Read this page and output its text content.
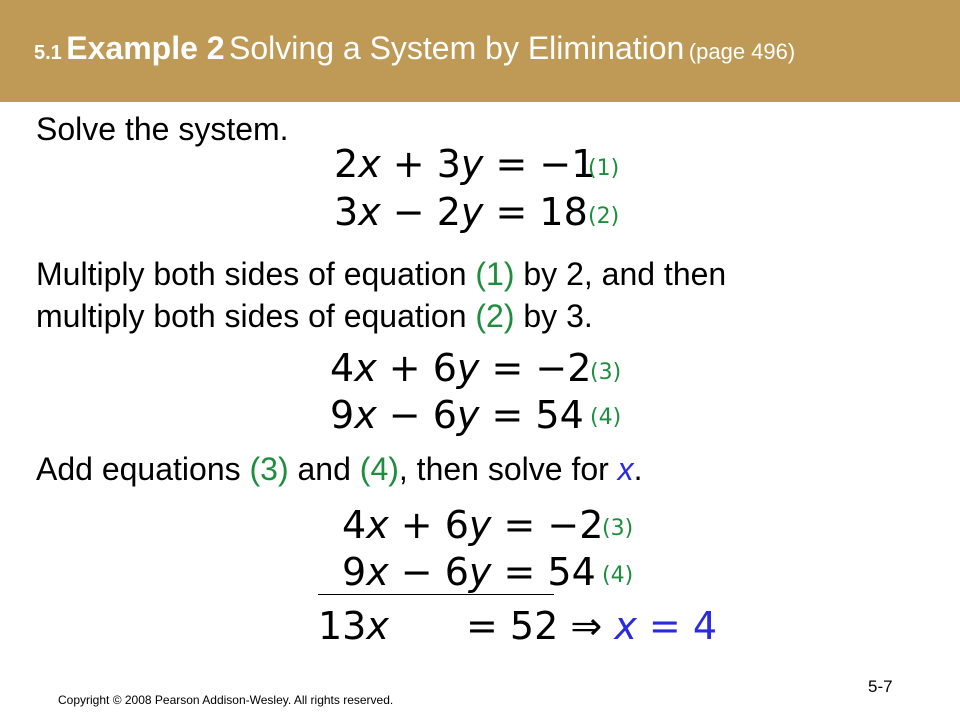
5.1 Example 2 Solving a System by Elimination (page 496)
Solve the system.
2x + 3y = −1
(1)
3x − 2y = 18 (2)
Multiply both sides of equation (1) by 2, and then
multiply both sides of equation (2) by 3.
4x + 6y = −2
(3)
9x − 6y = 54 (4)
Add equations (3) and (4), then solve for x.
4x + 6y = −2
(3)
9x − 6y = 54 (4)
13x = 52 ⇒ x = 4
Copyright © 2008 Pearson Addison-Wesley. All rights reserved.
5-7
